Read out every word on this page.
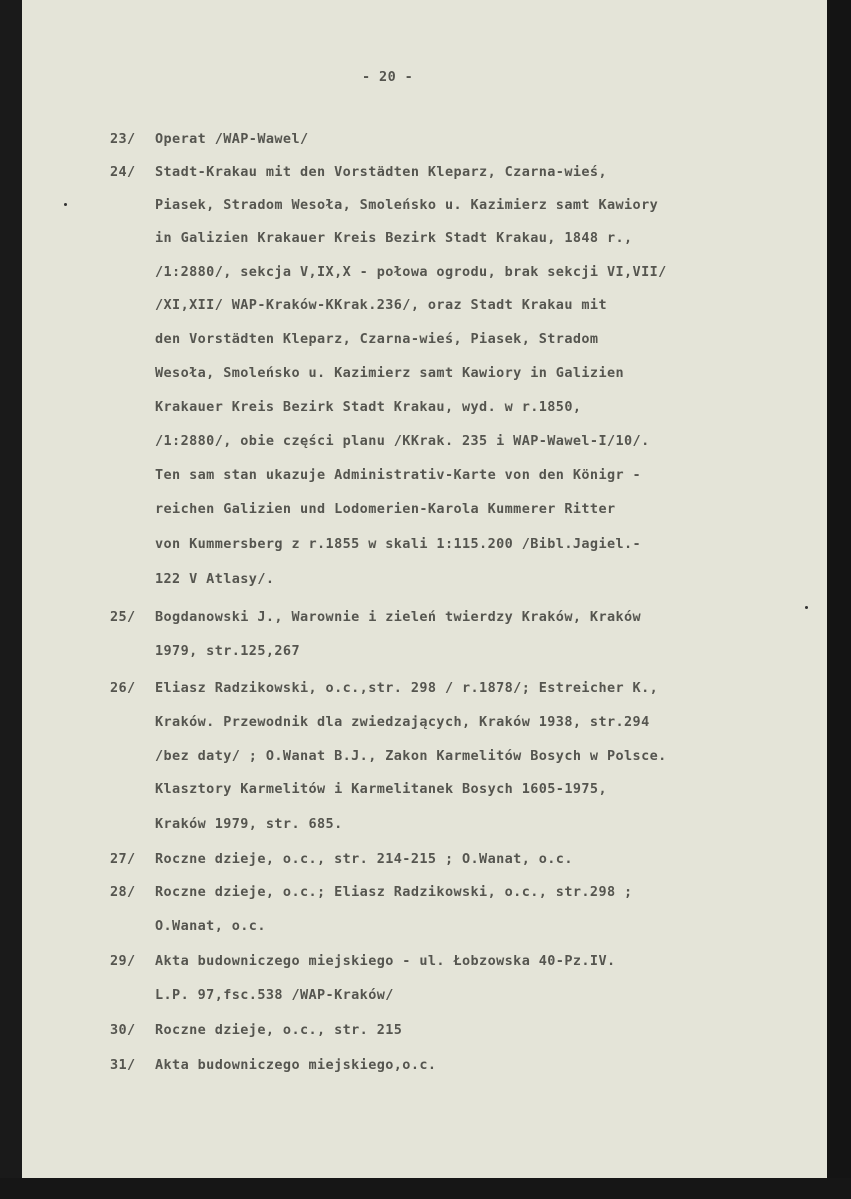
- 20 -
23/ Operat /WAP-Wawel/
24/ Stadt-Krakau mit den Vorstädten Kleparz, Czarna-wieś,
Piasek, Stradom Wesoła, Smoleńsko u. Kazimierz samt Kawiory
in Galizien Krakauer Kreis Bezirk Stadt Krakau, 1848 r.,
/1:2880/, sekcja V,IX,X - połowa ogrodu, brak sekcji VI,VII/
/XI,XII/ WAP-Kraków-KKrak.236/, oraz Stadt Krakau mit
den Vorstädten Kleparz, Czarna-wieś, Piasek, Stradom
Wesoła, Smoleńsko u. Kazimierz samt Kawiory in Galizien
Krakauer Kreis Bezirk Stadt Krakau, wyd. w r.1850,
/1:2880/, obie części planu /KKrak. 235 i WAP-Wawel-I/10/.
Ten sam stan ukazuje Administrativ-Karte von den Königr -
reichen Galizien und Lodomerien-Karola Kummerer Ritter
von Kummersberg z r.1855 w skali 1:115.200 /Bibl.Jagiel.-
122 V Atlasy/.
25/ Bogdanowski J., Warownie i zieleń twierdzy Kraków, Kraków
1979, str.125,267
26/ Eliasz Radzikowski, o.c.,str. 298 / r.1878/; Estreicher K.,
Kraków. Przewodnik dla zwiedzających, Kraków 1938, str.294
/bez daty/ ; O.Wanat B.J., Zakon Karmelitów Bosych w Polsce.
Klasztory Karmelitów i Karmelitanek Bosych 1605-1975,
Kraków 1979, str. 685.
27/ Roczne dzieje, o.c., str. 214-215 ; O.Wanat, o.c.
28/ Roczne dzieje, o.c.; Eliasz Radzikowski, o.c., str.298 ;
O.Wanat, o.c.
29/ Akta budowniczego miejskiego - ul. Łobzowska 40-Pz.IV.
L.P. 97,fsc.538 /WAP-Kraków/
30/ Roczne dzieje, o.c., str. 215
31/ Akta budowniczego miejskiego,o.c.
